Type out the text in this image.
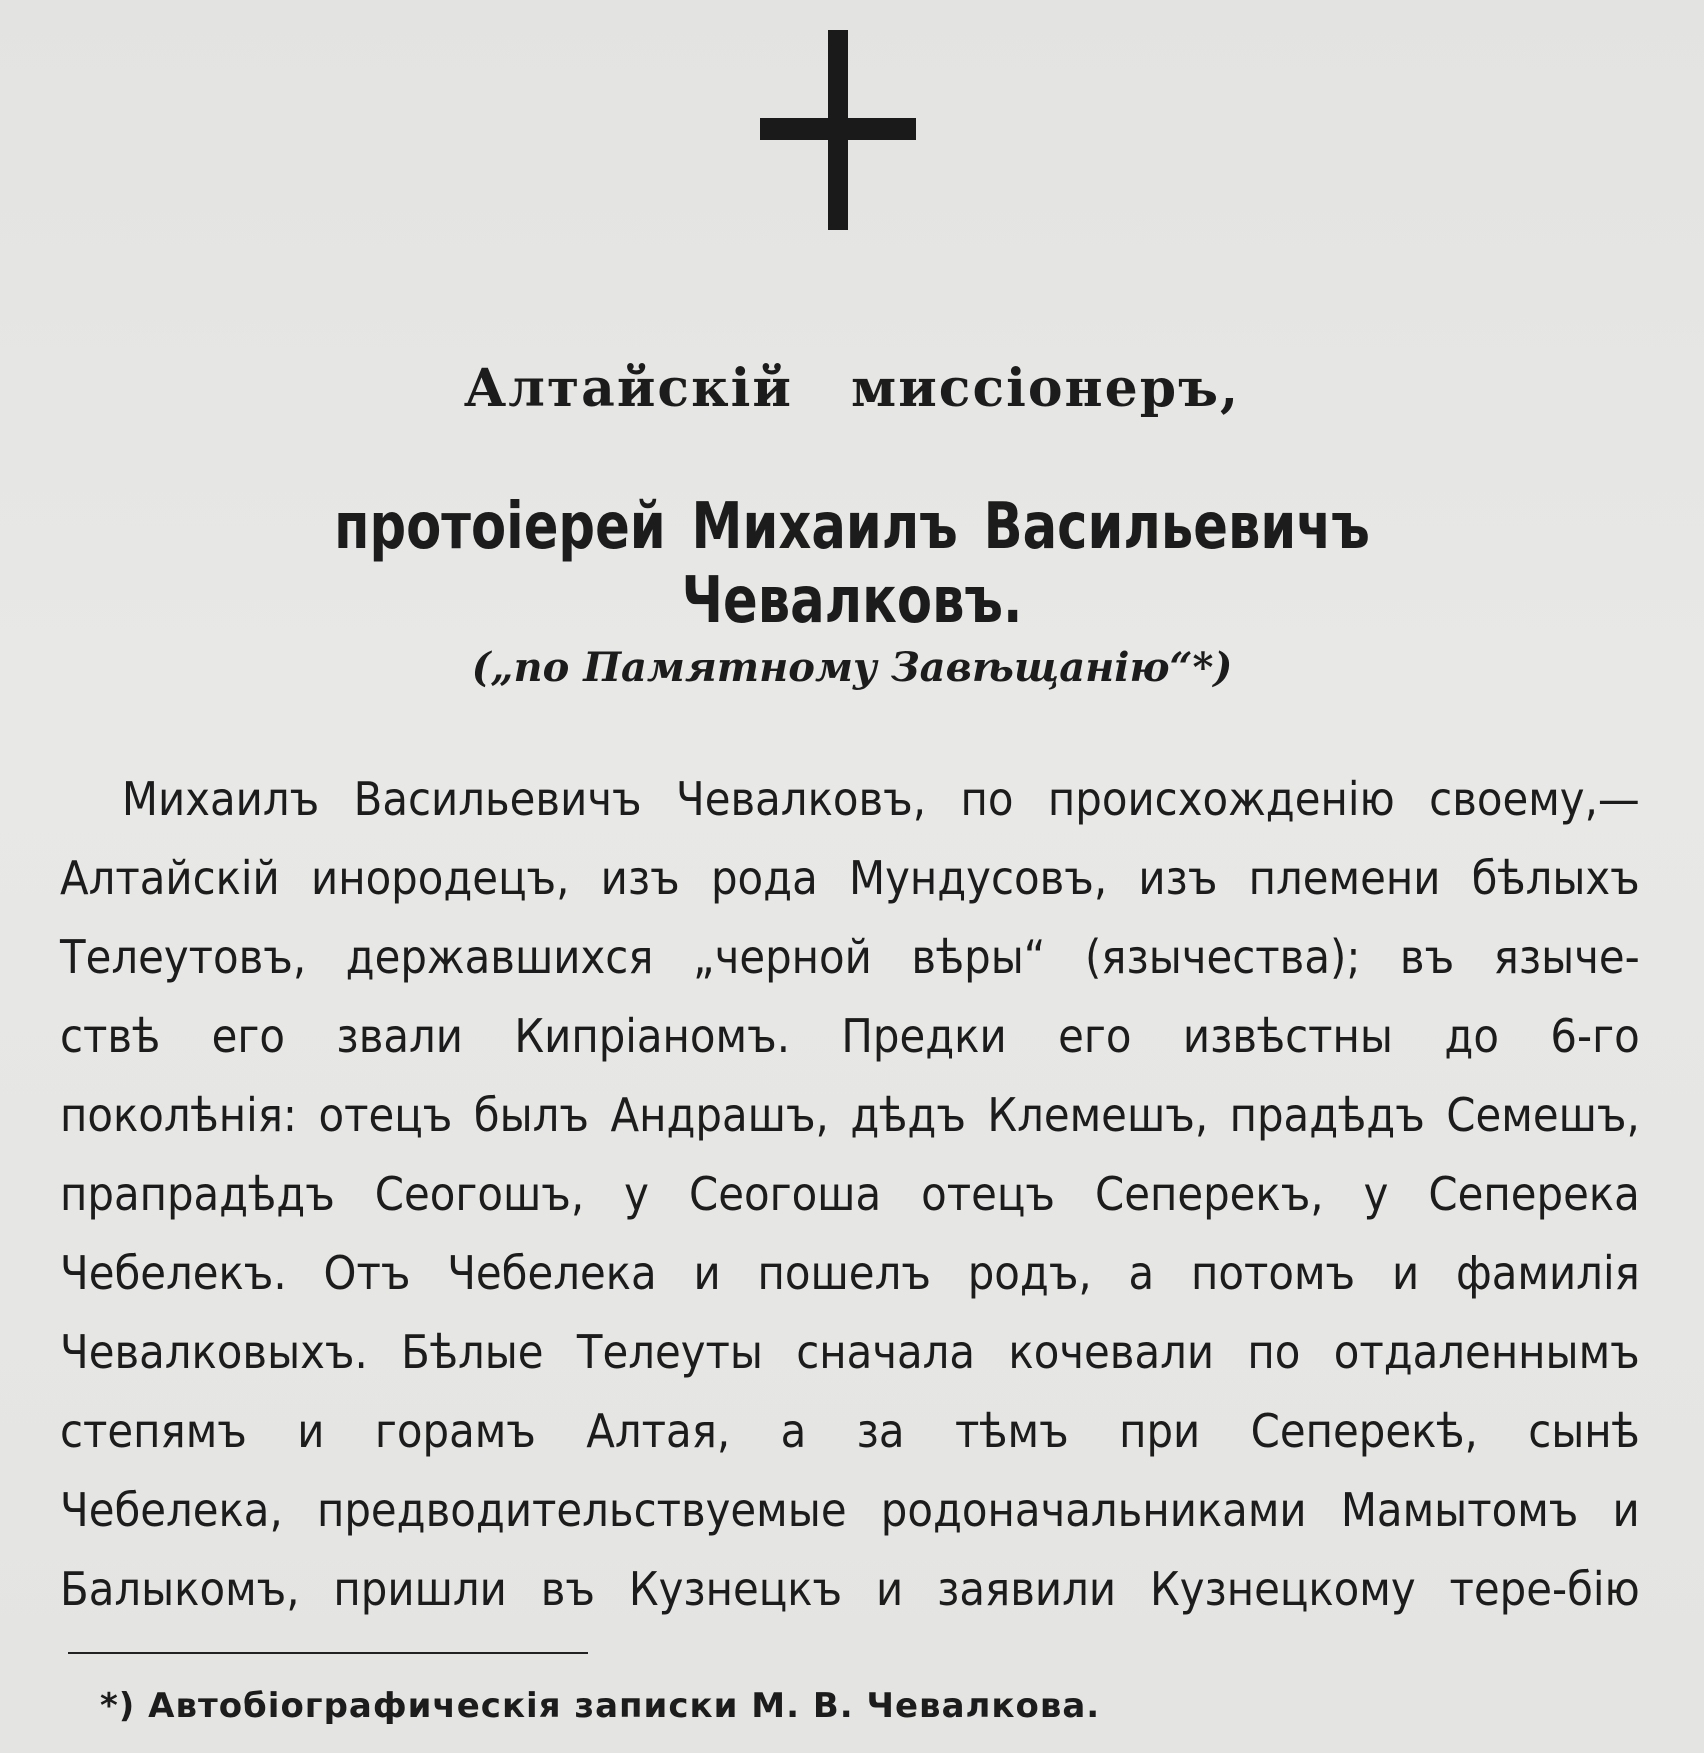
Алтайскій миссіонеръ,
протоіерей Михаилъ Васильевичъ Чевалковъ.
(„по Памятному Завѣщанію“*)
Михаилъ Васильевичъ Чевалковъ, по происхожденію своему,—
Алтайскій инородецъ, изъ рода Мундусовъ, изъ племени бѣлыхъ
Телеутовъ, державшихся „черной вѣры“ (язычества); въ язычe-
ствѣ его звали Кипріаномъ. Предки его извѣстны до 6-го
поколѣнія: отецъ былъ Андрашъ, дѣдъ Клемешъ, прадѣдъ Семешъ,
прапрадѣдъ Сеогошъ, у Сеогоша отецъ Сеперекъ, у Сеперека
Чебелекъ. Отъ Чебелека и пошелъ родъ, а потомъ и фамилія
Чевалковыхъ. Бѣлые Телеуты сначала кочевали по отдаленнымъ
степямъ и горамъ Алтая, а за тѣмъ при Сеперекѣ, сынѣ
Чебелека, предводительствуемые родоначальниками Мамытомъ и
Балыкомъ, пришли въ Кузнецкъ и заявили Кузнецкому тере-бію
*) Автобіографическія записки М. В. Чевалкова.
